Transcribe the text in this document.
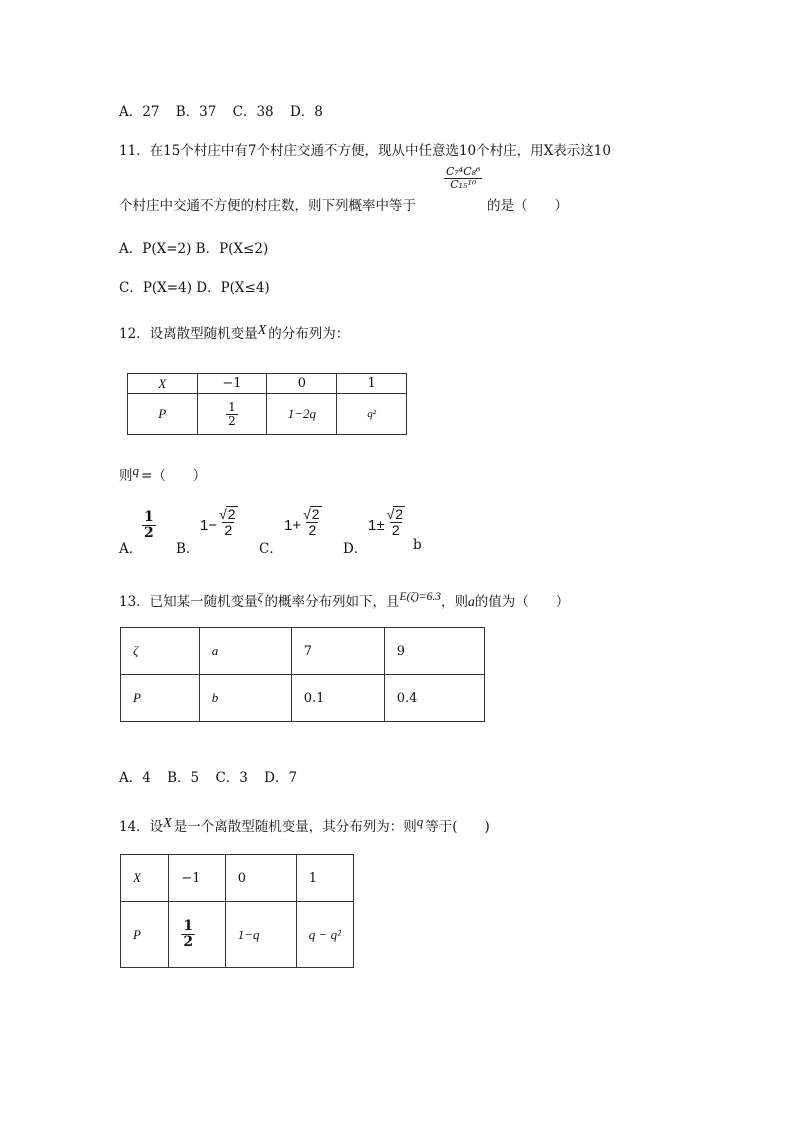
A．27 B．37 C．38 D．8
11．在15个村庄中有7个村庄交通不方便，现从中任意选10个村庄，用X表示这10
个村庄中交通不方便的村庄数，则下列概率中等于
$\frac{\text{C₇⁴C₈⁶}}{\text{C₁₅¹⁰}}$
的是（　　）
A．P(X=2) B．P(X≤2)
C．P(X=4) D．P(X≤4)
12．设离散型随机变量X 的分布列为：
X	−1	0	1
P	$\frac{1}{2}$	1−2q	q²
则q =（　　）
A．
$\frac{1}{2}$
B．
$1- \frac{√2}{2}$
C．
$1+ \frac{√2}{2}$
D．
$1\pm \frac{√2}{2}$
b
13．已知某一随机变量ζ 的概率分布列如下，且E(ζ)=6.3，则a的值为（　　）
ζ	a	7	9
P	b	0.1	0.4
A．4 B．5 C．3 D．7
14．设X 是一个离散型随机变量，其分布列为：则q 等于(　　)
X	−1	0	1
P	$\frac{1}{2}$	1−q	q − q²
